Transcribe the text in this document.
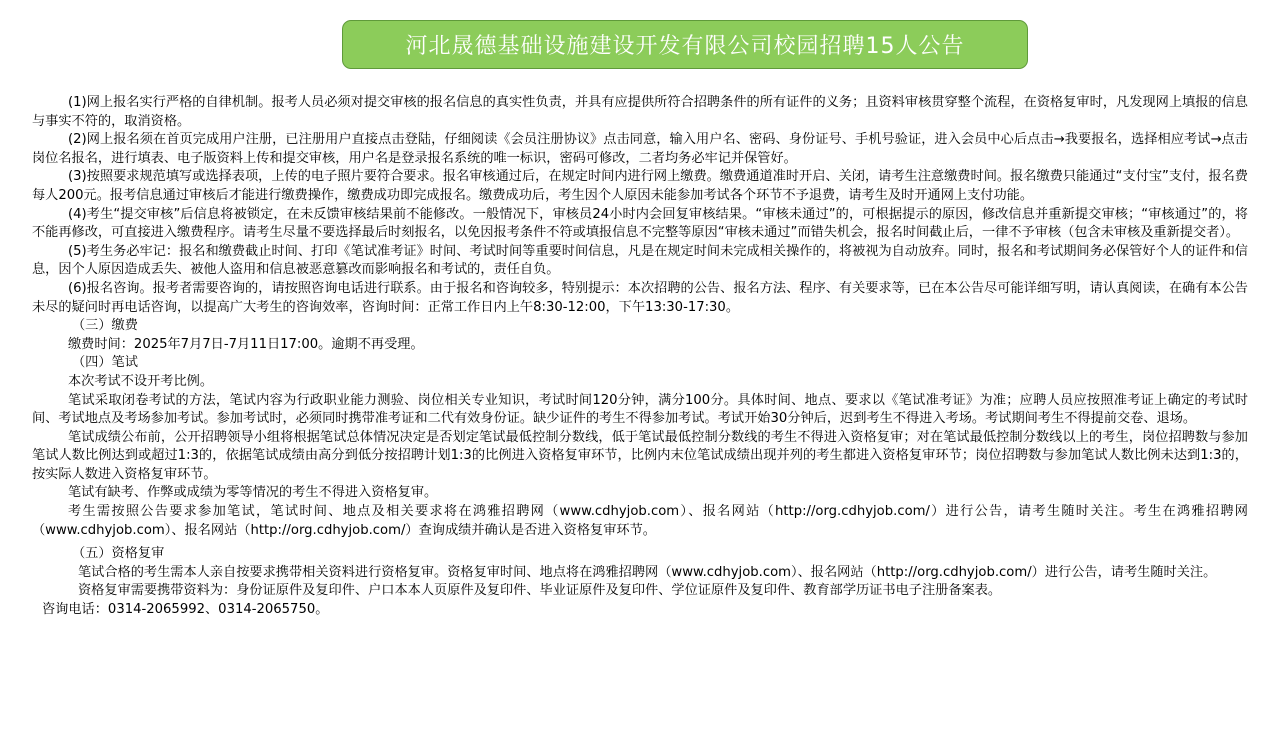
河北晟德基础设施建设开发有限公司校园招聘15人公告

(1)网上报名实行严格的自律机制。报考人员必须对提交审核的报名信息的真实性负责，并具有应提供所符合招聘条件的所有证件的义务；且资料审核贯穿整个流程，在资格复审时，凡发现网上填报的信息与事实不符的，取消资格。

(2)网上报名须在首页完成用户注册，已注册用户直接点击登陆，仔细阅读《会员注册协议》点击同意，输入用户名、密码、身份证号、手机号验证，进入会员中心后点击→我要报名，选择相应考试→点击岗位名报名，进行填表、电子版资料上传和提交审核，用户名是登录报名系统的唯一标识，密码可修改，二者均务必牢记并保管好。

(3)按照要求规范填写或选择表项，上传的电子照片要符合要求。报名审核通过后，在规定时间内进行网上缴费。缴费通道准时开启、关闭，请考生注意缴费时间。报名缴费只能通过“支付宝”支付，报名费每人200元。报考信息通过审核后才能进行缴费操作，缴费成功即完成报名。缴费成功后，考生因个人原因未能参加考试各个环节不予退费，请考生及时开通网上支付功能。

(4)考生“提交审核”后信息将被锁定，在未反馈审核结果前不能修改。一般情况下，审核员24小时内会回复审核结果。“审核未通过”的，可根据提示的原因，修改信息并重新提交审核；“审核通过”的，将不能再修改，可直接进入缴费程序。请考生尽量不要选择最后时刻报名，以免因报考条件不符或填报信息不完整等原因“审核未通过”而错失机会，报名时间截止后，一律不予审核（包含未审核及重新提交者）。

(5)考生务必牢记：报名和缴费截止时间、打印《笔试准考证》时间、考试时间等重要时间信息，凡是在规定时间未完成相关操作的，将被视为自动放弃。同时，报名和考试期间务必保管好个人的证件和信息，因个人原因造成丢失、被他人盗用和信息被恶意篡改而影响报名和考试的，责任自负。

(6)报名咨询。报考者需要咨询的，请按照咨询电话进行联系。由于报名和咨询较多，特别提示：本次招聘的公告、报名方法、程序、有关要求等，已在本公告尽可能详细写明，请认真阅读，在确有本公告未尽的疑问时再电话咨询，以提高广大考生的咨询效率，咨询时间：正常工作日内上午8:30-12:00，下午13:30-17:30。

（三）缴费

缴费时间：2025年7月7日-7月11日17:00。逾期不再受理。

（四）笔试

本次考试不设开考比例。

笔试采取闭卷考试的方法，笔试内容为行政职业能力测验、岗位相关专业知识，考试时间120分钟，满分100分。具体时间、地点、要求以《笔试准考证》为准；应聘人员应按照准考证上确定的考试时间、考试地点及考场参加考试。参加考试时，必须同时携带准考证和二代有效身份证。缺少证件的考生不得参加考试。考试开始30分钟后，迟到考生不得进入考场。考试期间考生不得提前交卷、退场。

笔试成绩公布前，公开招聘领导小组将根据笔试总体情况决定是否划定笔试最低控制分数线，低于笔试最低控制分数线的考生不得进入资格复审；对在笔试最低控制分数线以上的考生，岗位招聘数与参加笔试人数比例达到或超过1:3的，依据笔试成绩由高分到低分按招聘计划1:3的比例进入资格复审环节，比例内末位笔试成绩出现并列的考生都进入资格复审环节；岗位招聘数与参加笔试人数比例未达到1:3的，按实际人数进入资格复审环节。

笔试有缺考、作弊或成绩为零等情况的考生不得进入资格复审。

考生需按照公告要求参加笔试，笔试时间、地点及相关要求将在鸿雅招聘网（www.cdhyjob.com）、报名网站（http://org.cdhyjob.com/）进行公告，请考生随时关注。考生在鸿雅招聘网（www.cdhyjob.com）、报名网站（http://org.cdhyjob.com/）查询成绩并确认是否进入资格复审环节。

（五）资格复审

笔试合格的考生需本人亲自按要求携带相关资料进行资格复审。资格复审时间、地点将在鸿雅招聘网（www.cdhyjob.com）、报名网站（http://org.cdhyjob.com/）进行公告，请考生随时关注。

资格复审需要携带资料为：身份证原件及复印件、户口本本人页原件及复印件、毕业证原件及复印件、学位证原件及复印件、教育部学历证书电子注册备案表。

咨询电话：0314-2065992、0314-2065750。
